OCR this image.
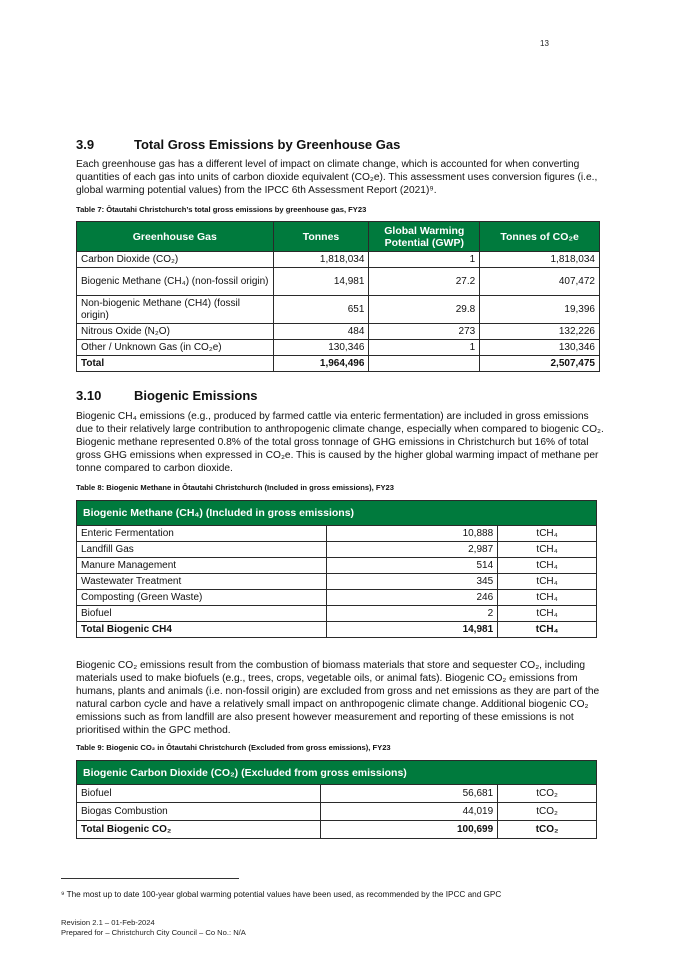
13
3.9	Total Gross Emissions by Greenhouse Gas

Each greenhouse gas has a different level of impact on climate change, which is accounted for when converting quantities of each gas into units of carbon dioxide equivalent (CO₂e). This assessment uses conversion figures (i.e., global warming potential values) from the IPCC 6th Assessment Report (2021)⁹.

Table 7: Ōtautahi Christchurch’s total gross emissions by greenhouse gas, FY23
Greenhouse Gas	Tonnes	Global Warming Potential (GWP)	Tonnes of CO₂e
Carbon Dioxide (CO₂)	1,818,034	1	1,818,034
Biogenic Methane (CH₄) (non-fossil origin)	14,981	27.2	407,472
Non-biogenic Methane (CH4) (fossil origin)	651	29.8	19,396
Nitrous Oxide (N₂O)	484	273	132,226
Other / Unknown Gas (in CO₂e)	130,346	1	130,346
Total	1,964,496		2,507,475
3.10	Biogenic Emissions

Biogenic CH₄ emissions (e.g., produced by farmed cattle via enteric fermentation) are included in gross emissions due to their relatively large contribution to anthropogenic climate change, especially when compared to biogenic CO₂. Biogenic methane represented 0.8% of the total gross tonnage of GHG emissions in Christchurch but 16% of total gross GHG emissions when expressed in CO₂e. This is caused by the higher global warming impact of methane per tonne compared to carbon dioxide.

Table 8: Biogenic Methane in Ōtautahi Christchurch (Included in gross emissions), FY23
Biogenic Methane (CH₄) (Included in gross emissions)		
Enteric Fermentation	10,888	tCH₄
Landfill Gas	2,987	tCH₄
Manure Management	514	tCH₄
Wastewater Treatment	345	tCH₄
Composting (Green Waste)	246	tCH₄
Biofuel	2	tCH₄
Total Biogenic CH4	14,981	tCH₄

Biogenic CO₂ emissions result from the combustion of biomass materials that store and sequester CO₂, including materials used to make biofuels (e.g., trees, crops, vegetable oils, or animal fats). Biogenic CO₂ emissions from humans, plants and animals (i.e. non-fossil origin) are excluded from gross and net emissions as they are part of the natural carbon cycle and have a relatively small impact on anthropogenic climate change. Additional biogenic CO₂ emissions such as from landfill are also present however measurement and reporting of these emissions is not prioritised within the GPC method.

Table 9: Biogenic CO₂ in Ōtautahi Christchurch (Excluded from gross emissions), FY23
Biogenic Carbon Dioxide (CO₂) (Excluded from gross emissions)		
Biofuel	56,681	tCO₂
Biogas Combustion	44,019	tCO₂
Total Biogenic CO₂	100,699	tCO₂
⁹ The most up to date 100-year global warming potential values have been used, as recommended by the IPCC and GPC
Revision 2.1 – 01-Feb-2024
Prepared for – Christchurch City Council – Co No.: N/A
